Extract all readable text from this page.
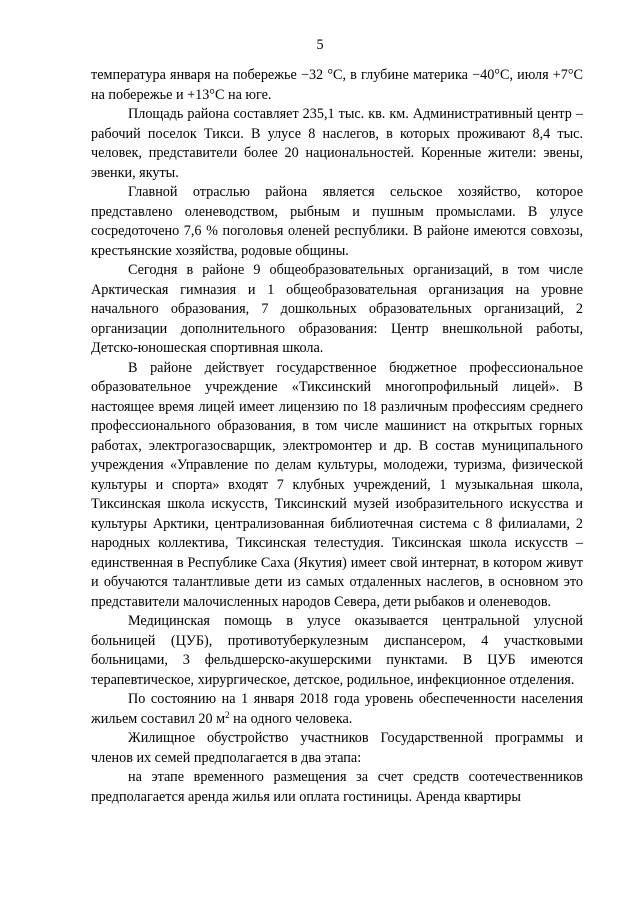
5

температура января на побережье −32 °С, в глубине материка −40°С, июля +7°С на побережье и +13°С на юге.

Площадь района составляет 235,1 тыс. кв. км. Административный центр – рабочий поселок Тикси. В улусе 8 наслегов, в которых проживают 8,4 тыс. человек, представители более 20 национальностей. Коренные жители: эвены, эвенки, якуты.

Главной отраслью района является сельское хозяйство, которое представлено оленеводством, рыбным и пушным промыслами. В улусе сосредоточено 7,6 % поголовья оленей республики. В районе имеются совхозы, крестьянские хозяйства, родовые общины.

Сегодня в районе 9 общеобразовательных организаций, в том числе Арктическая гимназия и 1 общеобразовательная организация на уровне начального образования, 7 дошкольных образовательных организаций, 2 организации дополнительного образования: Центр внешкольной работы, Детско-юношеская спортивная школа.

В районе действует государственное бюджетное профессиональное образовательное учреждение «Тиксинский многопрофильный лицей». В настоящее время лицей имеет лицензию по 18 различным профессиям среднего профессионального образования, в том числе машинист на открытых горных работах, электрогазосварщик, электромонтер и др. В состав муниципального учреждения «Управление по делам культуры, молодежи, туризма, физической культуры и спорта» входят 7 клубных учреждений, 1 музыкальная школа, Тиксинская школа искусств, Тиксинский музей изобразительного искусства и культуры Арктики, централизованная библиотечная система с 8 филиалами, 2 народных коллектива, Тиксинская телестудия. Тиксинская школа искусств – единственная в Республике Саха (Якутия) имеет свой интернат, в котором живут и обучаются талантливые дети из самых отдаленных наслегов, в основном это представители малочисленных народов Севера, дети рыбаков и оленеводов.

Медицинская помощь в улусе оказывается центральной улусной больницей (ЦУБ), противотуберкулезным диспансером, 4 участковыми больницами, 3 фельдшерско-акушерскими пунктами. В ЦУБ имеются терапевтическое, хирургическое, детское, родильное, инфекционное отделения.

По состоянию на 1 января 2018 года уровень обеспеченности населения жильем составил 20 $м^2$ на одного человека.

Жилищное обустройство участников Государственной программы и членов их семей предполагается в два этапа:

на этапе временного размещения за счет средств соотечественников предполагается аренда жилья или оплата гостиницы. Аренда квартиры
